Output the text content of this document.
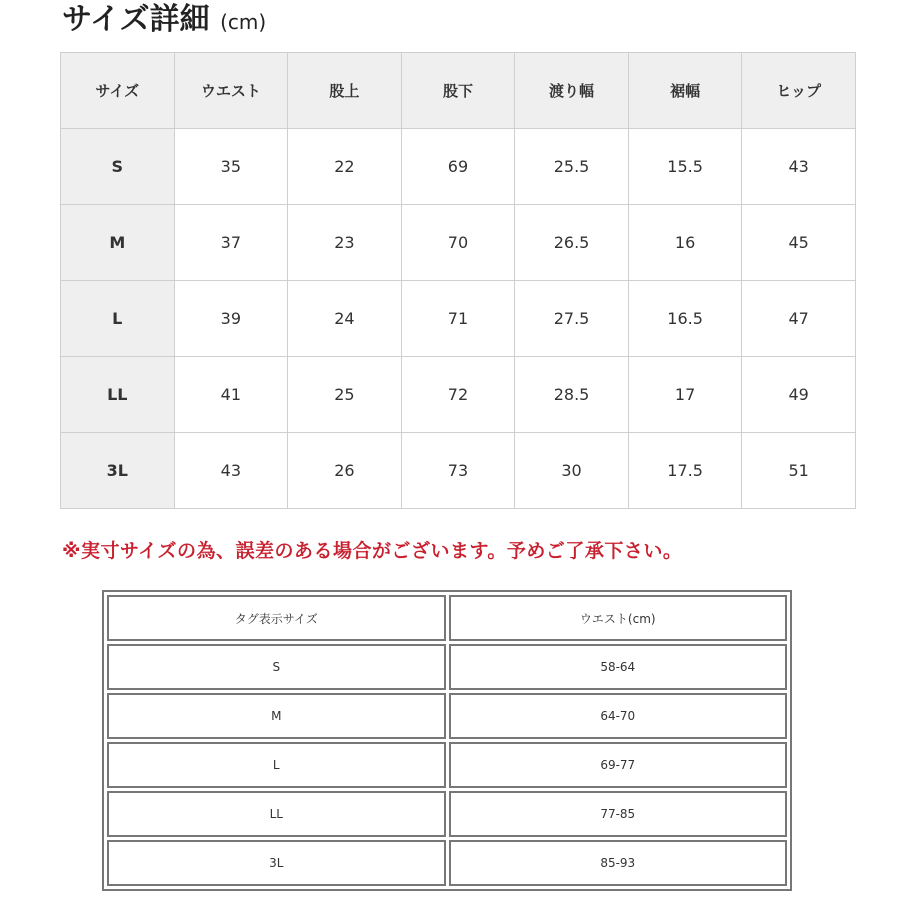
サイズ詳細 (cm)
サイズ	ウエスト	股上	股下	渡り幅	裾幅	ヒップ
S	35	22	69	25.5	15.5	43
M	37	23	70	26.5	16	45
L	39	24	71	27.5	16.5	47
LL	41	25	72	28.5	17	49
3L	43	26	73	30	17.5	51
※実寸サイズの為、誤差のある場合がございます。予めご了承下さい。
タグ表示サイズ	ウエスト(cm)
S	58-64
M	64-70
L	69-77
LL	77-85
3L	85-93
